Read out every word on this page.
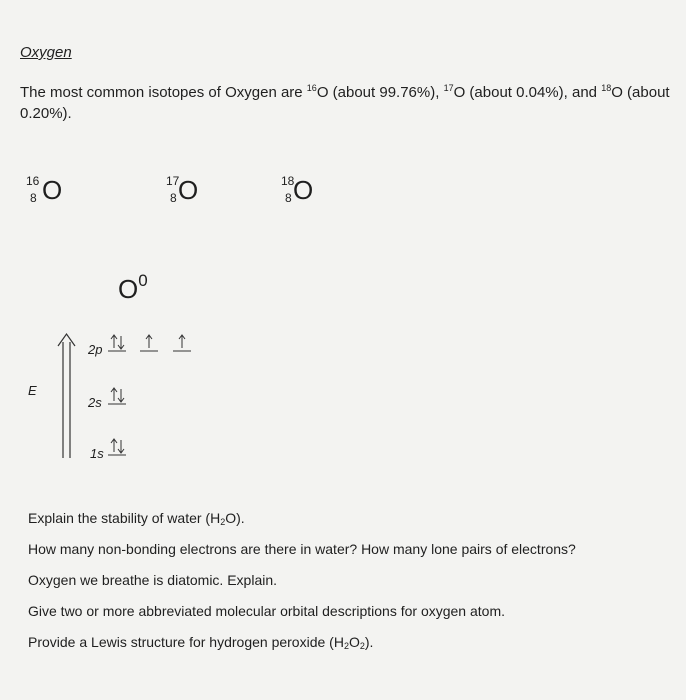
Oxygen
The most common isotopes of Oxygen are $^{16}$O (about 99.76%), $^{17}$O (about 0.04%), and $^{18}$O (about 0.20%).
16
8 O	17
8 O	18
8 O
$O^0$
E
2p
2s
1s

Explain the stability of water $(H_2O)$.

How many non-bonding electrons are there in water? How many lone pairs of electrons?

Oxygen we breathe is diatomic. Explain.

Give two or more abbreviated molecular orbital descriptions for oxygen atom.

Provide a Lewis structure for hydrogen peroxide $(H_2O_2)$.
